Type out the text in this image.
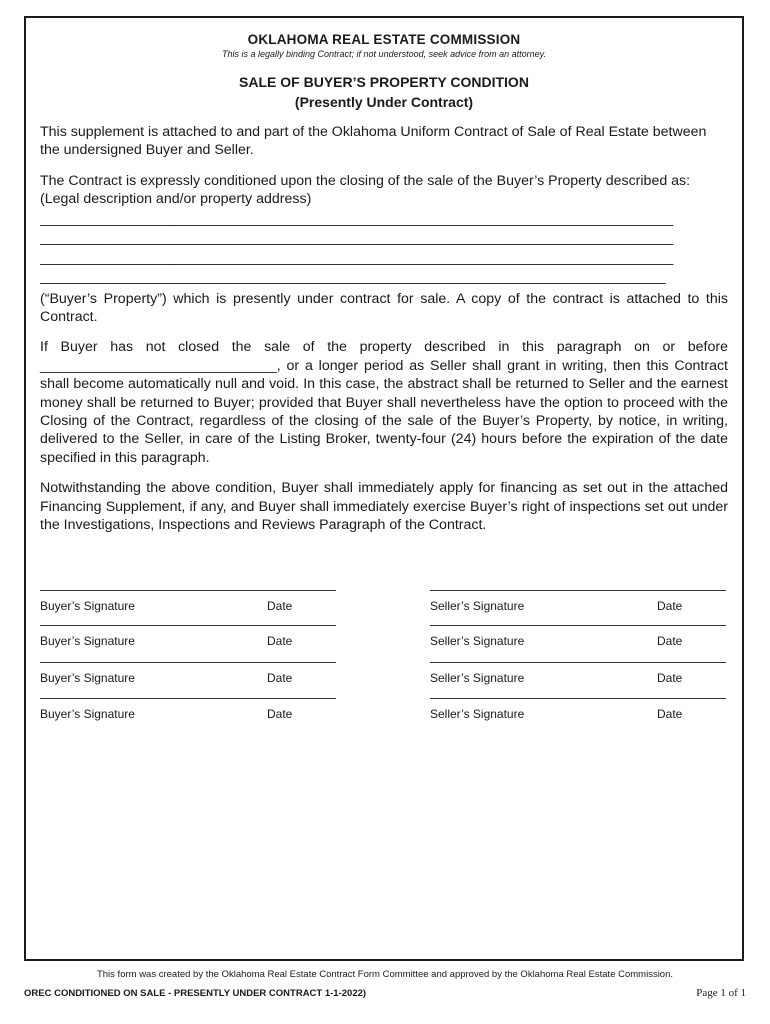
OKLAHOMA REAL ESTATE COMMISSION
This is a legally binding Contract; if not understood, seek advice from an attorney.
SALE OF BUYER’S PROPERTY CONDITION
(Presently Under Contract)

This supplement is attached to and part of the Oklahoma Uniform Contract of Sale of Real Estate between the undersigned Buyer and Seller.

The Contract is expressly conditioned upon the closing of the sale of the Buyer’s Property described as:

(Legal description and/or property address)

____________________________________________________________________________________
____________________________________________________________________________________
____________________________________________________________________________________
___________________________________________________________________________________

(“Buyer’s Property”) which is presently under contract for sale. A copy of the contract is attached to this Contract.

If Buyer has not closed the sale of the property described in this paragraph on or before ______________________________, or a longer period as Seller shall grant in writing, then this Contract shall become automatically null and void. In this case, the abstract shall be returned to Seller and the earnest money shall be returned to Buyer; provided that Buyer shall nevertheless have the option to proceed with the Closing of the Contract, regardless of the closing of the sale of the Buyer’s Property, by notice, in writing, delivered to the Seller, in care of the Listing Broker, twenty-four (24) hours before the expiration of the date specified in this paragraph.

Notwithstanding the above condition, Buyer shall immediately apply for financing as set out in the attached Financing Supplement, if any, and Buyer shall immediately exercise Buyer’s right of inspections set out under the Investigations, Inspections and Reviews Paragraph of the Contract.

Buyer’s Signature	Date	Seller’s Signature	Date
Buyer’s Signature	Date	Seller’s Signature	Date
Buyer’s Signature	Date	Seller’s Signature	Date
Buyer’s Signature	Date	Seller’s Signature	Date
This form was created by the Oklahoma Real Estate Contract Form Committee and approved by the Oklahoma Real Estate Commission.
OREC CONDITIONED ON SALE - PRESENTLY UNDER CONTRACT 1-1-2022)	Page 1 of 1
